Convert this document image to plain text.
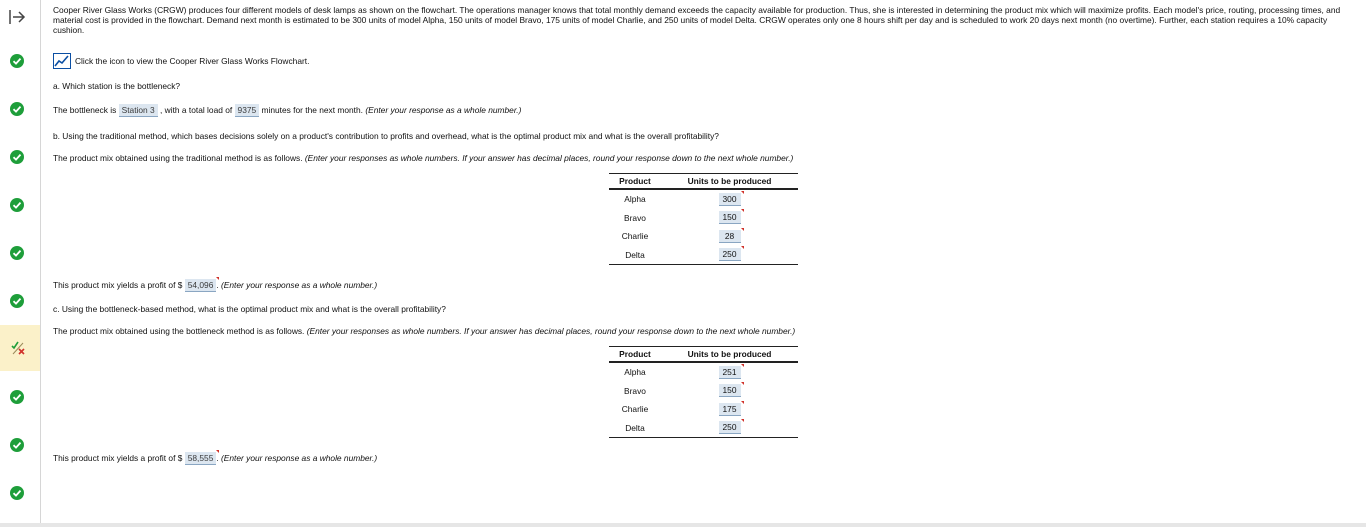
Cooper River Glass Works (CRGW) produces four different models of desk lamps as shown on the flowchart. The operations manager knows that total monthly demand exceeds the capacity available for production. Thus, she is interested in determining the product mix which will maximize profits. Each model's price, routing, processing times, and material cost is provided in the flowchart. Demand next month is estimated to be 300 units of model Alpha, 150 units of model Bravo, 175 units of model Charlie, and 250 units of model Delta. CRGW operates only one 8 hours shift per day and is scheduled to work 20 days next month (no overtime). Further, each station requires a 10% capacity cushion.
Click the icon to view the Cooper River Glass Works Flowchart.
a. Which station is the bottleneck?
The bottleneck is Station 3 , with a total load of 9375 minutes for the next month. (Enter your response as a whole number.)
b. Using the traditional method, which bases decisions solely on a product's contribution to profits and overhead, what is the optimal product mix and what is the overall profitability?
The product mix obtained using the traditional method is as follows. (Enter your responses as whole numbers. If your answer has decimal places, round your response down to the next whole number.)
Product	Units to be produced
Alpha	300
Bravo	150
Charlie	28
Delta	250
This product mix yields a profit of $ 54,096 . (Enter your response as a whole number.)
c. Using the bottleneck-based method, what is the optimal product mix and what is the overall profitability?
The product mix obtained using the bottleneck method is as follows. (Enter your responses as whole numbers. If your answer has decimal places, round your response down to the next whole number.)
Product	Units to be produced
Alpha	251
Bravo	150
Charlie	175
Delta	250
This product mix yields a profit of $ 58,555 . (Enter your response as a whole number.)
